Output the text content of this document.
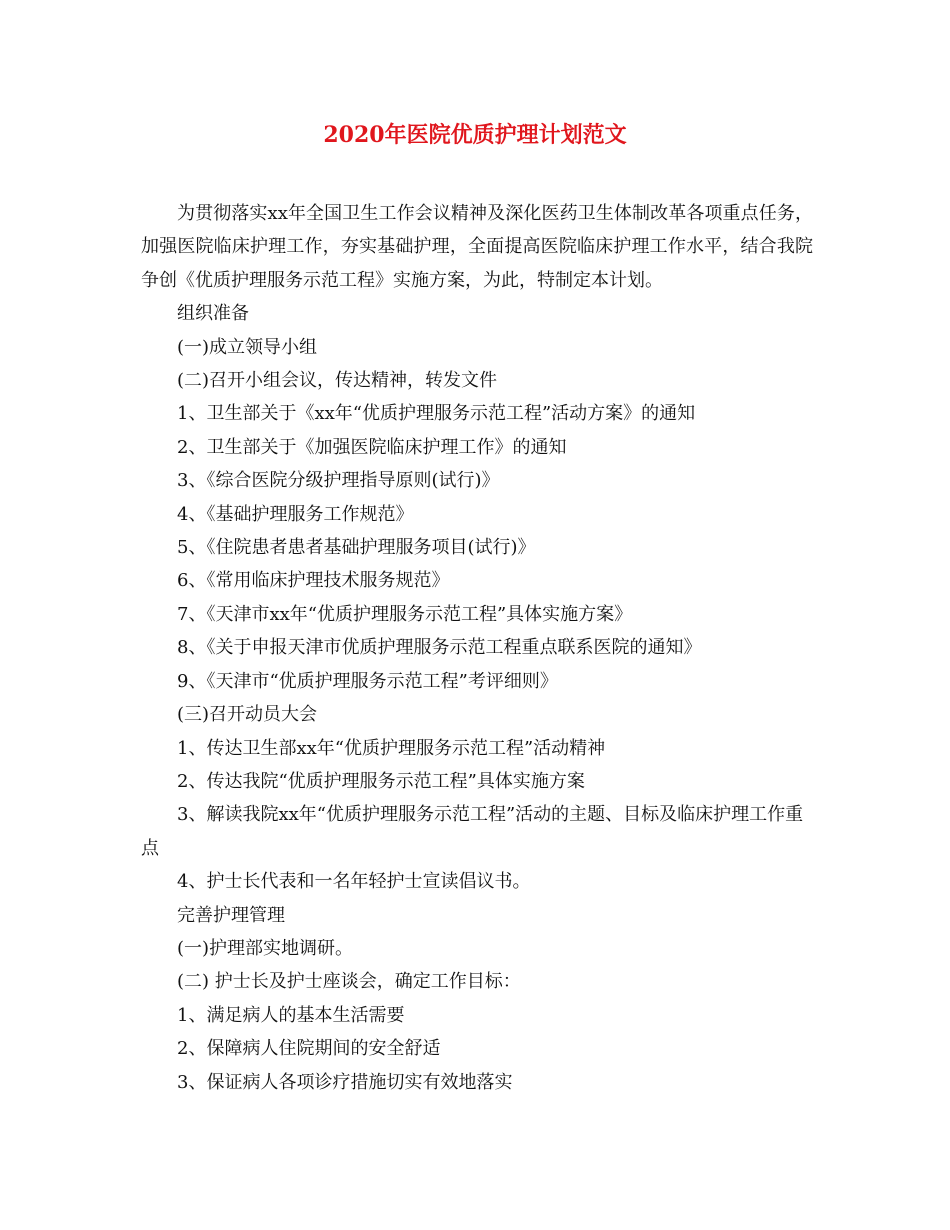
2020年医院优质护理计划范文

为贯彻落实xx年全国卫生工作会议精神及深化医药卫生体制改革各项重点任务，加强医院临床护理工作，夯实基础护理，全面提高医院临床护理工作水平，结合我院争创《优质护理服务示范工程》实施方案，为此，特制定本计划。

组织准备

(一)成立领导小组

(二)召开小组会议，传达精神，转发文件

1、卫生部关于《xx年“优质护理服务示范工程”活动方案》的通知

2、卫生部关于《加强医院临床护理工作》的通知

3、《综合医院分级护理指导原则(试行)》

4、《基础护理服务工作规范》

5、《住院患者患者基础护理服务项目(试行)》

6、《常用临床护理技术服务规范》

7、《天津市xx年“优质护理服务示范工程”具体实施方案》

8、《关于申报天津市优质护理服务示范工程重点联系医院的通知》

9、《天津市“优质护理服务示范工程”考评细则》

(三)召开动员大会

1、传达卫生部xx年“优质护理服务示范工程”活动精神

2、传达我院“优质护理服务示范工程”具体实施方案

3、解读我院xx年“优质护理服务示范工程”活动的主题、目标及临床护理工作重点

4、护士长代表和一名年轻护士宣读倡议书。

完善护理管理

(一)护理部实地调研。

(二) 护士长及护士座谈会，确定工作目标：

1、满足病人的基本生活需要

2、保障病人住院期间的安全舒适

3、保证病人各项诊疗措施切实有效地落实
